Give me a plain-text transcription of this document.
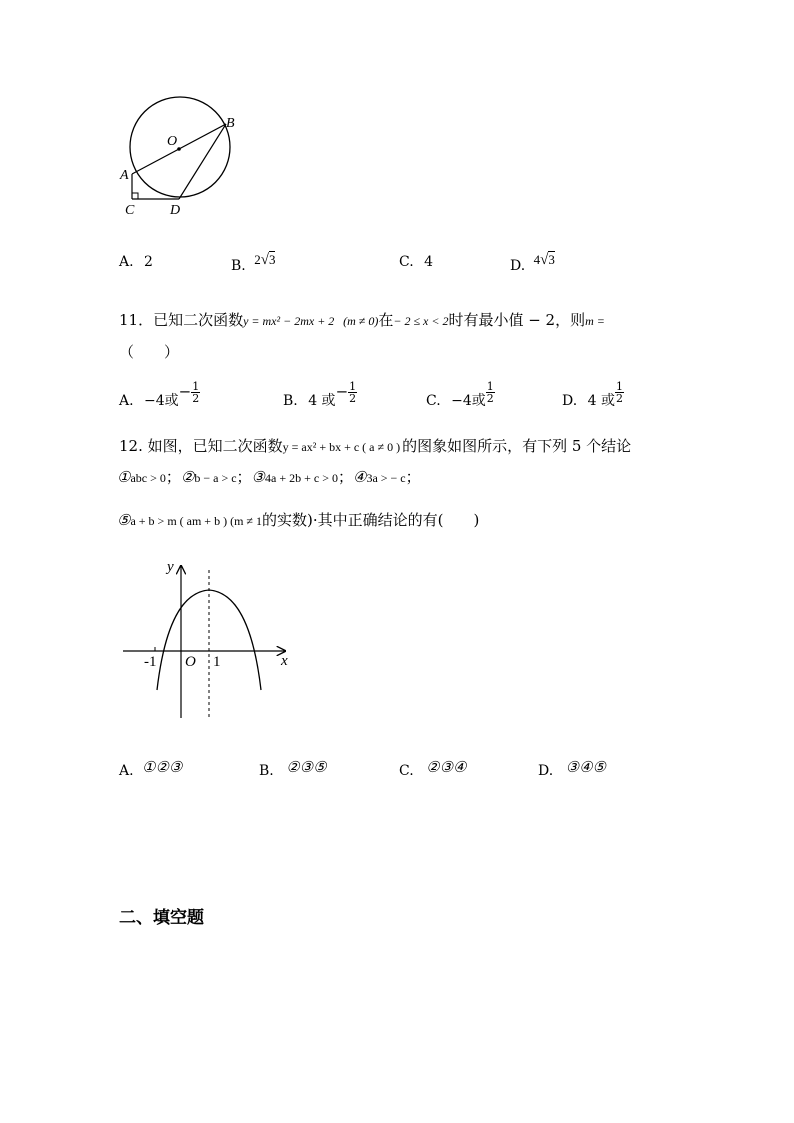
O
B
A
C	D
A. 2	B. 2√3	C. 4	D. 4√3
11．已知二次函数y = mx² − 2mx + 2 (m ≠ 0)在− 2 ≤ x < 2时有最小值 − 2，则m =
（　　）
A. −4或− $\frac{1}{2}$	B. 4 或− $\frac{1}{2}$	C. −4或 $\frac{1}{2}$	D. 4 或 $\frac{1}{2}$
12. 如图，已知二次函数y = ax² + bx + c ( a ≠ 0 ) 的图象如图所示，有下列 5 个结论
①abc > 0；②b − a > c；③4a + 2b + c > 0；④3a > − c；
⑤a + b > m ( am + b ) (m ≠ 1的实数)·其中正确结论的有(　　)
y
x
O
-1	1
A. ①②③	B. ②③⑤	C. ②③④	D. ③④⑤
二、填空题
